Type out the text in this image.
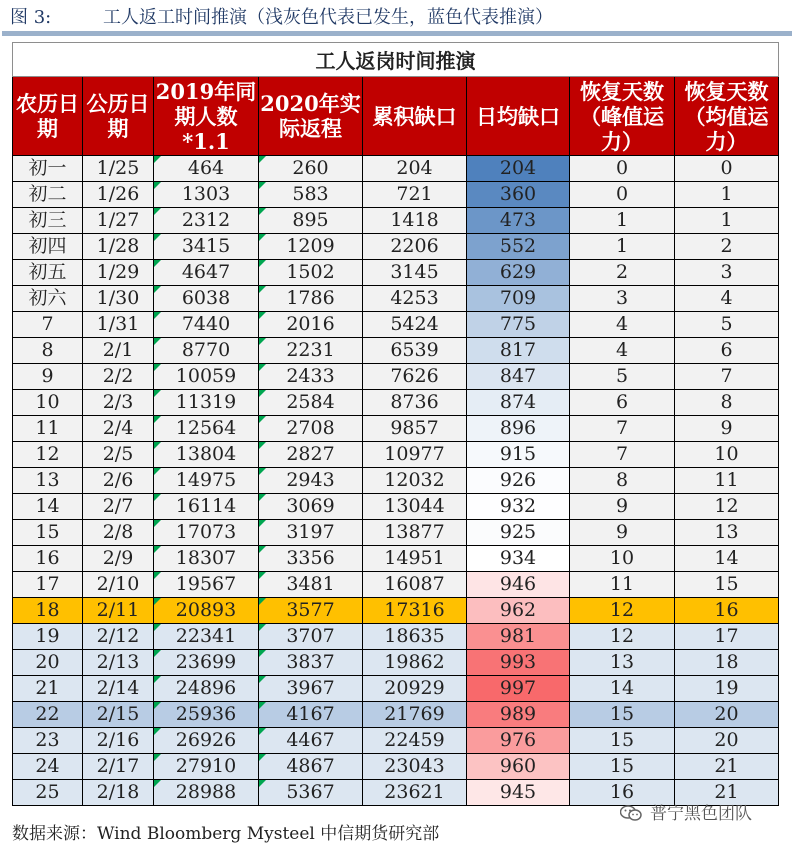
图 3:	工人返工时间推演（浅灰色代表已发生，蓝色代表推演）
工人返岗时间推演							
农历日期	公历日期	2019年同期人数*1.1	2020年实际返程	累积缺口	日均缺口	恢复天数（峰值运力）	恢复天数（均值运力）
初一	1/25	464	260	204	204	0	0
初二	1/26	1303	583	721	360	0	1
初三	1/27	2312	895	1418	473	1	1
初四	1/28	3415	1209	2206	552	1	2
初五	1/29	4647	1502	3145	629	2	3
初六	1/30	6038	1786	4253	709	3	4
7	1/31	7440	2016	5424	775	4	5
8	2/1	8770	2231	6539	817	4	6
9	2/2	10059	2433	7626	847	5	7
10	2/3	11319	2584	8736	874	6	8
11	2/4	12564	2708	9857	896	7	9
12	2/5	13804	2827	10977	915	7	10
13	2/6	14975	2943	12032	926	8	11
14	2/7	16114	3069	13044	932	9	12
15	2/8	17073	3197	13877	925	9	13
16	2/9	18307	3356	14951	934	10	14
17	2/10	19567	3481	16087	946	11	15
18	2/11	20893	3577	17316	962	12	16
19	2/12	22341	3707	18635	981	12	17
20	2/13	23699	3837	19862	993	13	18
21	2/14	24896	3967	20929	997	14	19
22	2/15	25936	4167	21769	989	15	20
23	2/16	26926	4467	22459	976	15	20
24	2/17	27910	4867	23043	960	15	21
25	2/18	28988	5367	23621	945	16	21
数据来源：Wind Bloomberg Mysteel 中信期货研究部
普宁黑色团队
